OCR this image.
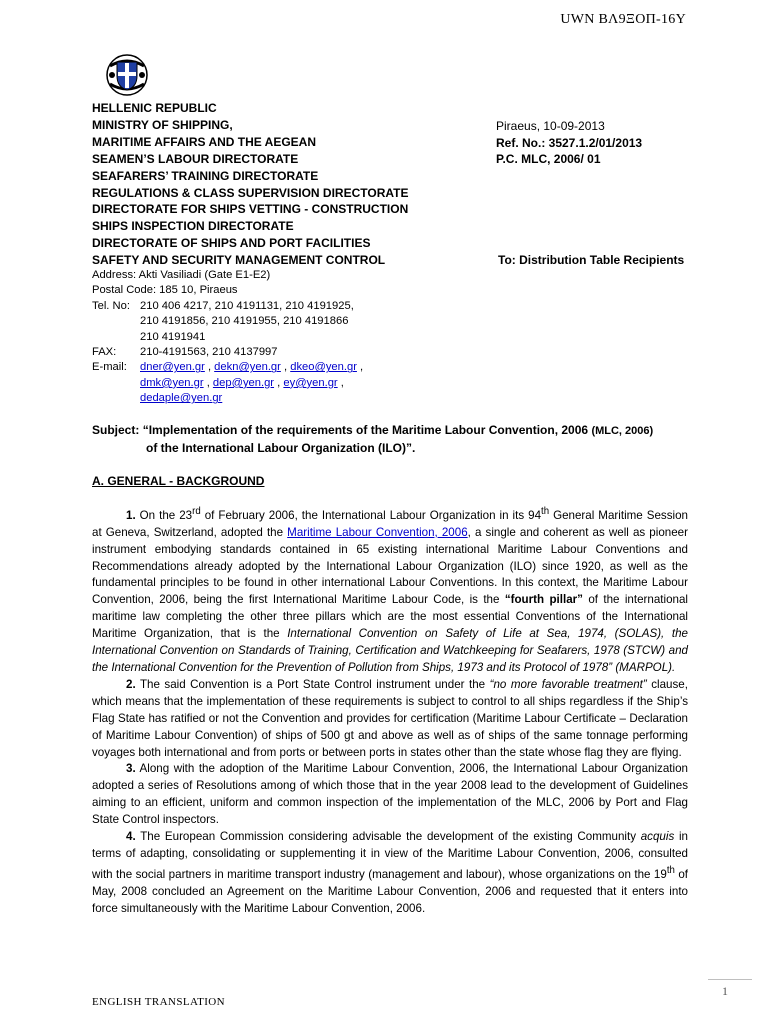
UWN ΒΛ9ΞΟΠ-16Υ
HELLENIC REPUBLIC
MINISTRY OF SHIPPING,
MARITIME AFFAIRS AND THE AEGEAN
SEAMEN’S LABOUR DIRECTORATE
SEAFARERS’ TRAINING DIRECTORATE
REGULATIONS & CLASS SUPERVISION DIRECTORATE
DIRECTORATE FOR SHIPS VETTING - CONSTRUCTION
SHIPS INSPECTION DIRECTORATE
DIRECTORATE OF SHIPS AND PORT FACILITIES
SAFETY AND SECURITY MANAGEMENT CONTROL
Piraeus, 10-09-2013
Ref. No.: 3527.1.2/01/2013
P.C. MLC, 2006/ 01
To: Distribution Table Recipients
Address: Akti Vasiliadi (Gate E1-E2)
Postal Code: 185 10, Piraeus
Tel. No: 210 406 4217, 210 4191131, 210 4191925,
210 4191856, 210 4191955, 210 4191866
210 4191941
FAX: 210-4191563, 210 4137997
E-mail: dner@yen.gr , dekn@yen.gr , dkeo@yen.gr ,
dmk@yen.gr , dep@yen.gr , ey@yen.gr ,
dedaple@yen.gr
Subject: “Implementation of the requirements of the Maritime Labour Convention, 2006 (MLC, 2006)
of the International Labour Organization (ILO)”.
A. GENERAL - BACKGROUND

1. On the 23rd of February 2006, the International Labour Organization in its 94th General Maritime Session at Geneva, Switzerland, adopted the Maritime Labour Convention, 2006, a single and coherent as well as pioneer instrument embodying standards contained in 65 existing international Maritime Labour Conventions and Recommendations already adopted by the International Labour Organization (ILO) since 1920, as well as the fundamental principles to be found in other international Labour Conventions. In this context, the Maritime Labour Convention, 2006, being the first International Maritime Labour Code, is the “fourth pillar” of the international maritime law completing the other three pillars which are the most essential Conventions of the International Maritime Organization, that is the International Convention on Safety of Life at Sea, 1974, (SOLAS), the International Convention on Standards of Training, Certification and Watchkeeping for Seafarers, 1978 (STCW) and the International Convention for the Prevention of Pollution from Ships, 1973 and its Protocol of 1978” (MARPOL).

2. The said Convention is a Port State Control instrument under the “no more favorable treatment” clause, which means that the implementation of these requirements is subject to control to all ships regardless if the Ship’s Flag State has ratified or not the Convention and provides for certification (Maritime Labour Certificate – Declaration of Maritime Labour Convention) of ships of 500 gt and above as well as of ships of the same tonnage performing voyages both international and from ports or between ports in states other than the state whose flag they are flying.

3. Along with the adoption of the Maritime Labour Convention, 2006, the International Labour Organization adopted a series of Resolutions among of which those that in the year 2008 lead to the development of Guidelines aiming to an efficient, uniform and common inspection of the implementation of the MLC, 2006 by Port and Flag State Control inspectors.

4. The European Commission considering advisable the development of the existing Community acquis in terms of adapting, consolidating or supplementing it in view of the Maritime Labour Convention, 2006, consulted with the social partners in maritime transport industry (management and labour), whose organizations on the 19th of May, 2008 concluded an Agreement on the Maritime Labour Convention, 2006 and requested that it enters into force simultaneously with the Maritime Labour Convention, 2006.

1
ENGLISH TRANSLATION
